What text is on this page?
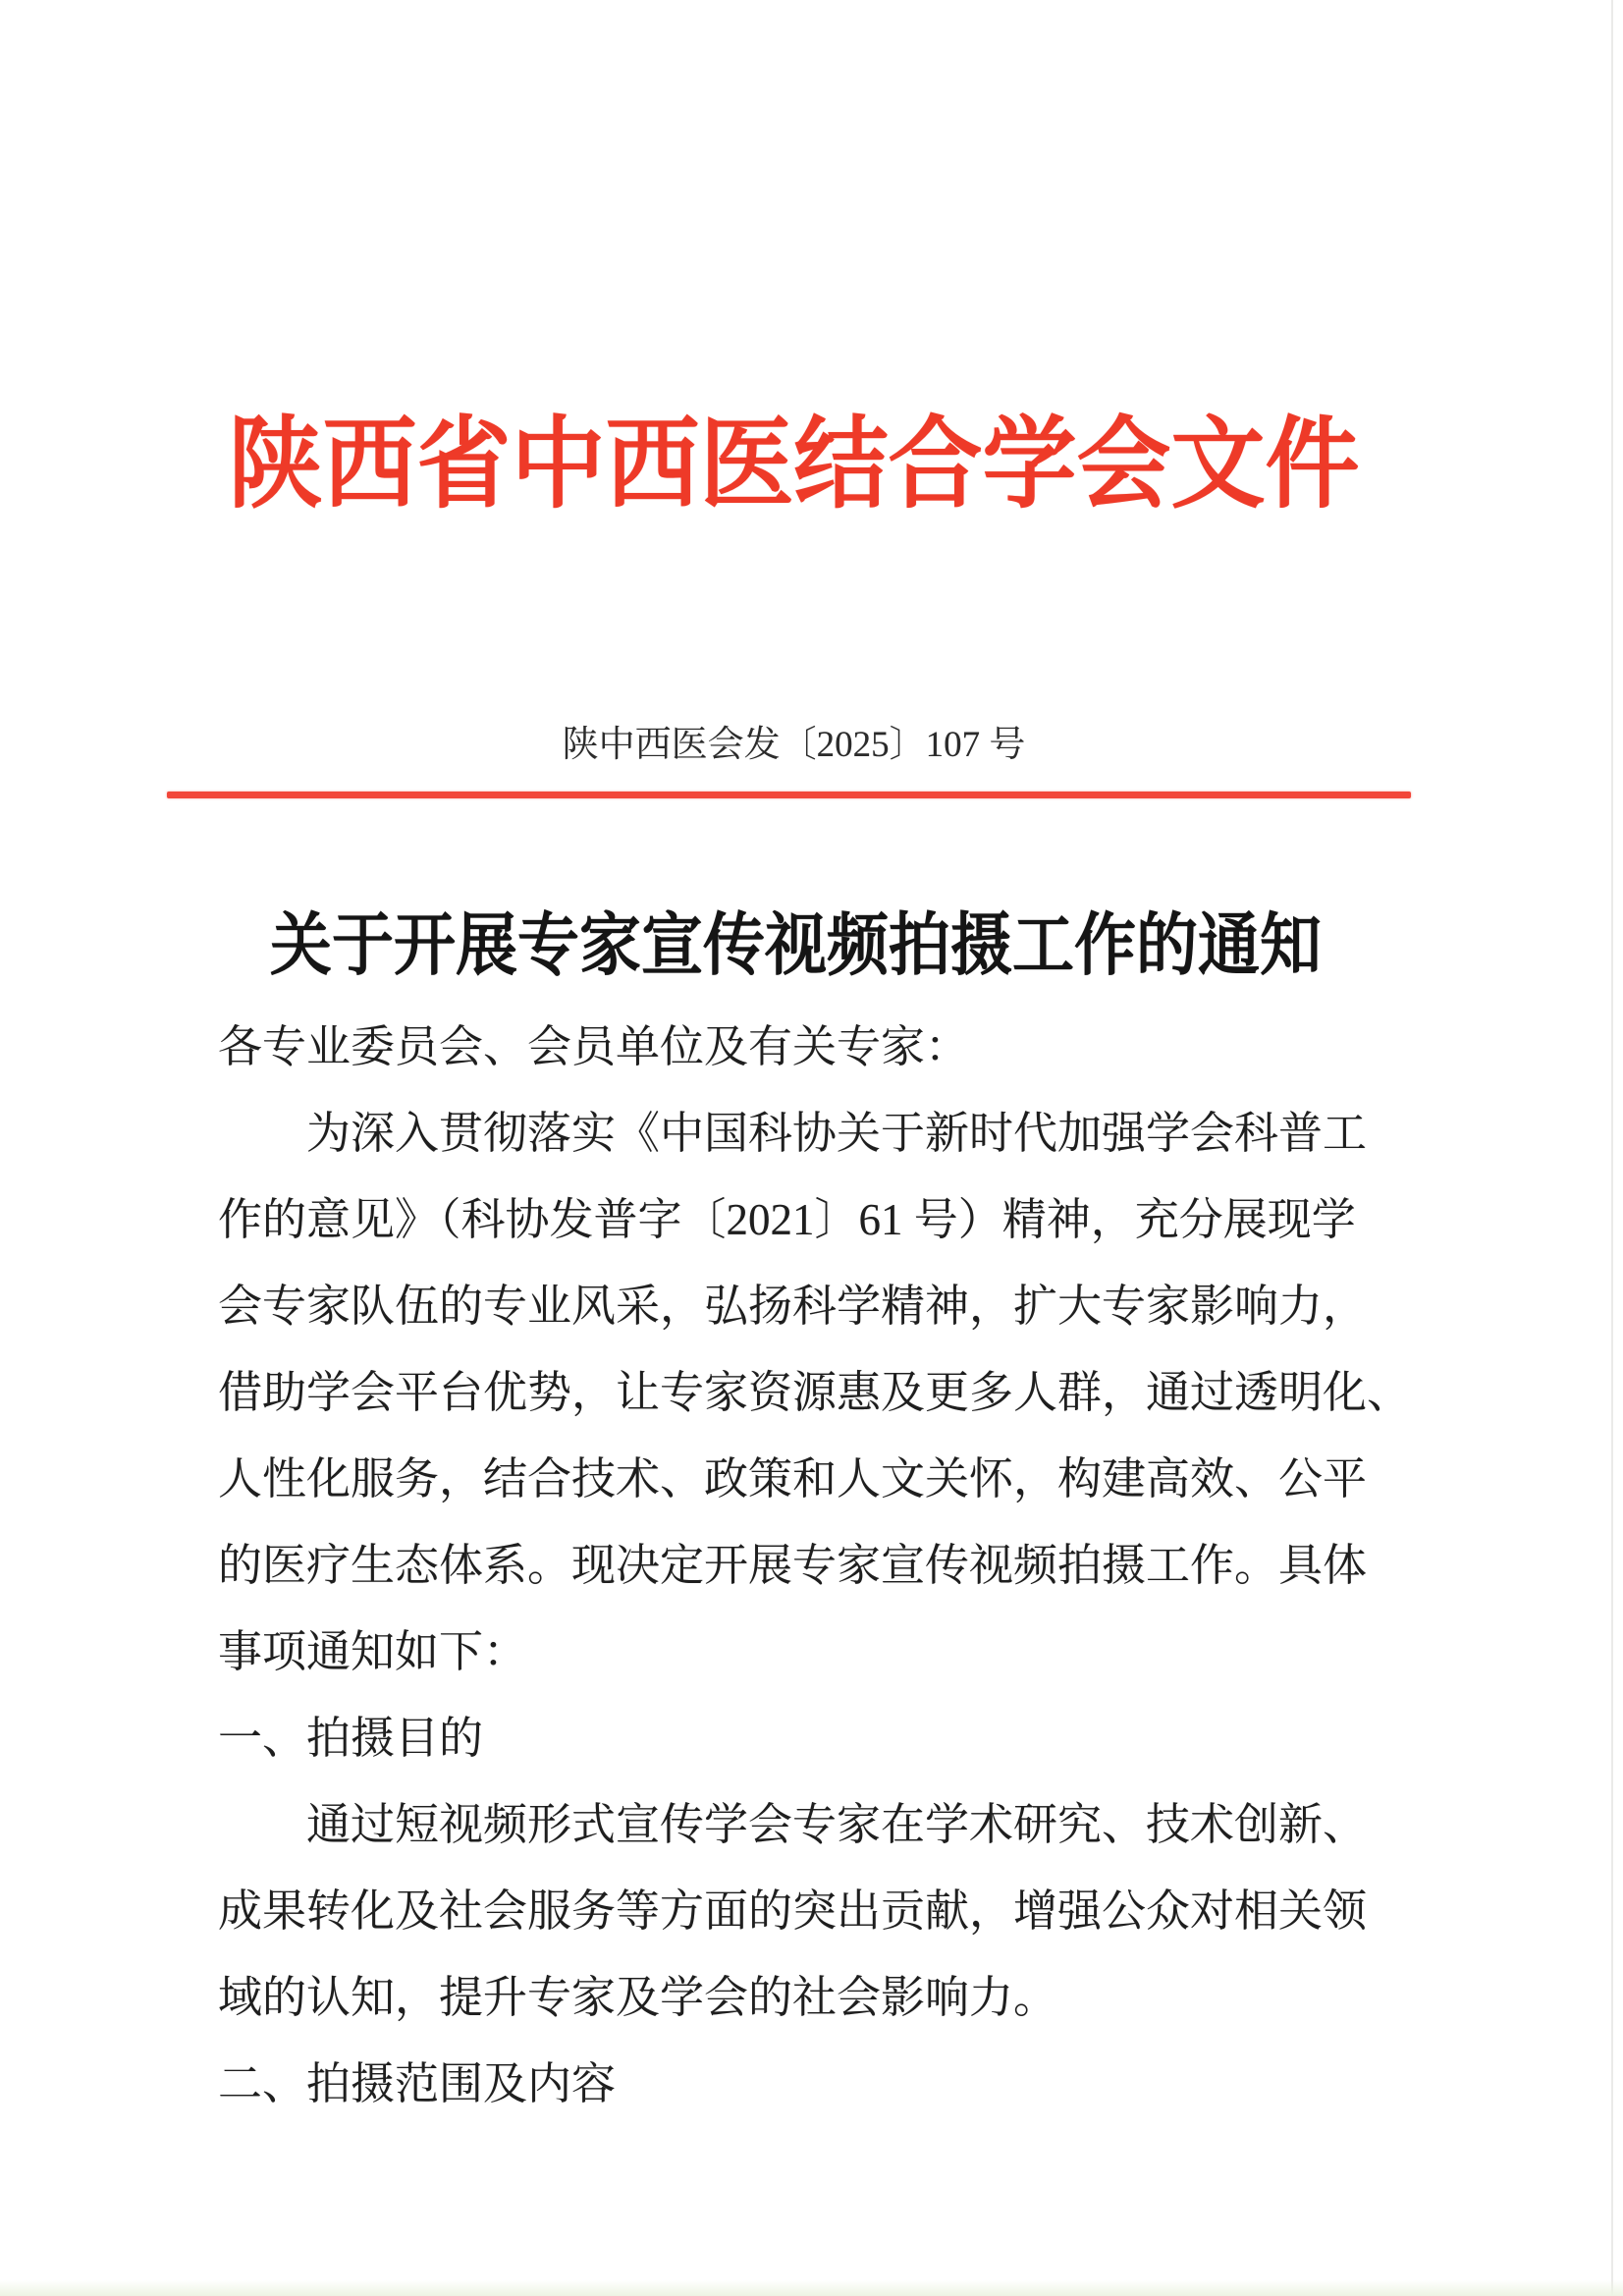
陕西省中西医结合学会文件
陕中西医会发〔2025〕107 号
关于开展专家宣传视频拍摄工作的通知
各专业委员会、会员单位及有关专家：
为深入贯彻落实《中国科协关于新时代加强学会科普工
作的意见》（科协发普字〔2021〕61 号）精神，充分展现学
会专家队伍的专业风采，弘扬科学精神，扩大专家影响力，
借助学会平台优势，让专家资源惠及更多人群，通过透明化、
人性化服务，结合技术、政策和人文关怀，构建高效、公平
的医疗生态体系。现决定开展专家宣传视频拍摄工作。具体
事项通知如下：
一、拍摄目的
通过短视频形式宣传学会专家在学术研究、技术创新、
成果转化及社会服务等方面的突出贡献，增强公众对相关领
域的认知，提升专家及学会的社会影响力。
二、拍摄范围及内容
